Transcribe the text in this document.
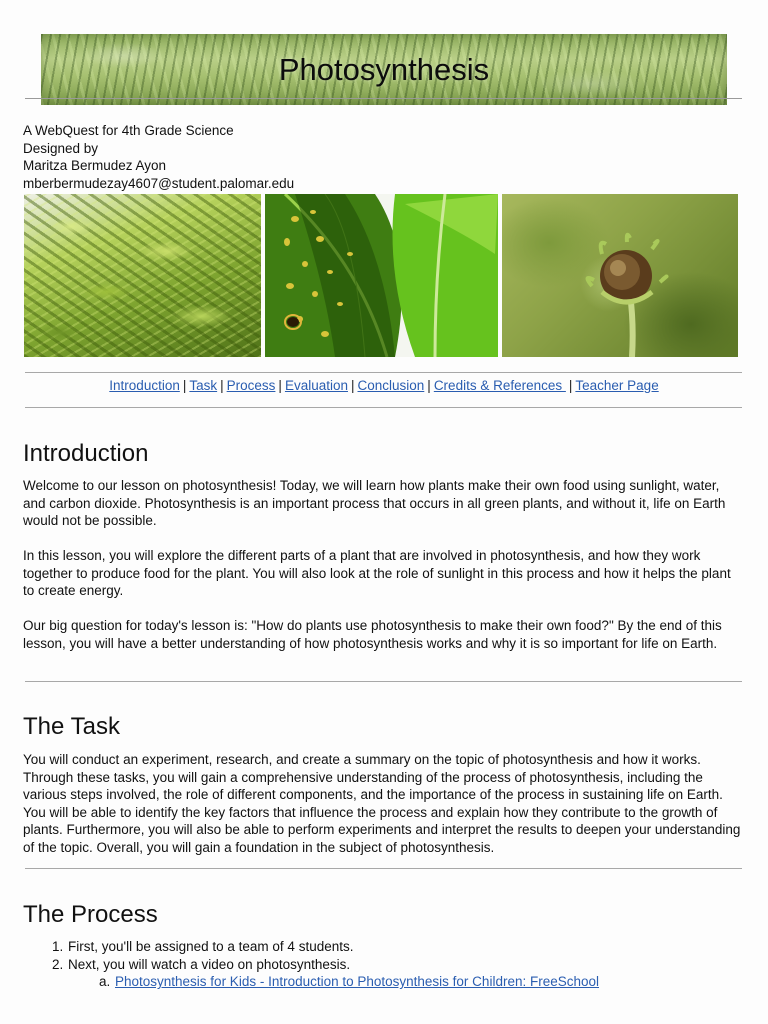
Photosynthesis
A WebQuest for 4th Grade Science
Designed by
Maritza Bermudez Ayon
mberbermudezay4607@student.palomar.edu
Introduction | Task | Process | Evaluation | Conclusion | Credits & References | Teacher Page
Introduction

Welcome to our lesson on photosynthesis! Today, we will learn how plants make their own food using sunlight, water, and carbon dioxide. Photosynthesis is an important process that occurs in all green plants, and without it, life on Earth would not be possible.

In this lesson, you will explore the different parts of a plant that are involved in photosynthesis, and how they work together to produce food for the plant. You will also look at the role of sunlight in this process and how it helps the plant to create energy.

Our big question for today's lesson is: "How do plants use photosynthesis to make their own food?" By the end of this lesson, you will have a better understanding of how photosynthesis works and why it is so important for life on Earth.

The Task

You will conduct an experiment, research, and create a summary on the topic of photosynthesis and how it works. Through these tasks, you will gain a comprehensive understanding of the process of photosynthesis, including the various steps involved, the role of different components, and the importance of the process in sustaining life on Earth. You will be able to identify the key factors that influence the process and explain how they contribute to the growth of plants. Furthermore, you will also be able to perform experiments and interpret the results to deepen your understanding of the topic. Overall, you will gain a foundation in the subject of photosynthesis.

The Process
1. First, you'll be assigned to a team of 4 students.
2. Next, you will watch a video on photosynthesis.
a. Photosynthesis for Kids - Introduction to Photosynthesis for Children: FreeSchool
